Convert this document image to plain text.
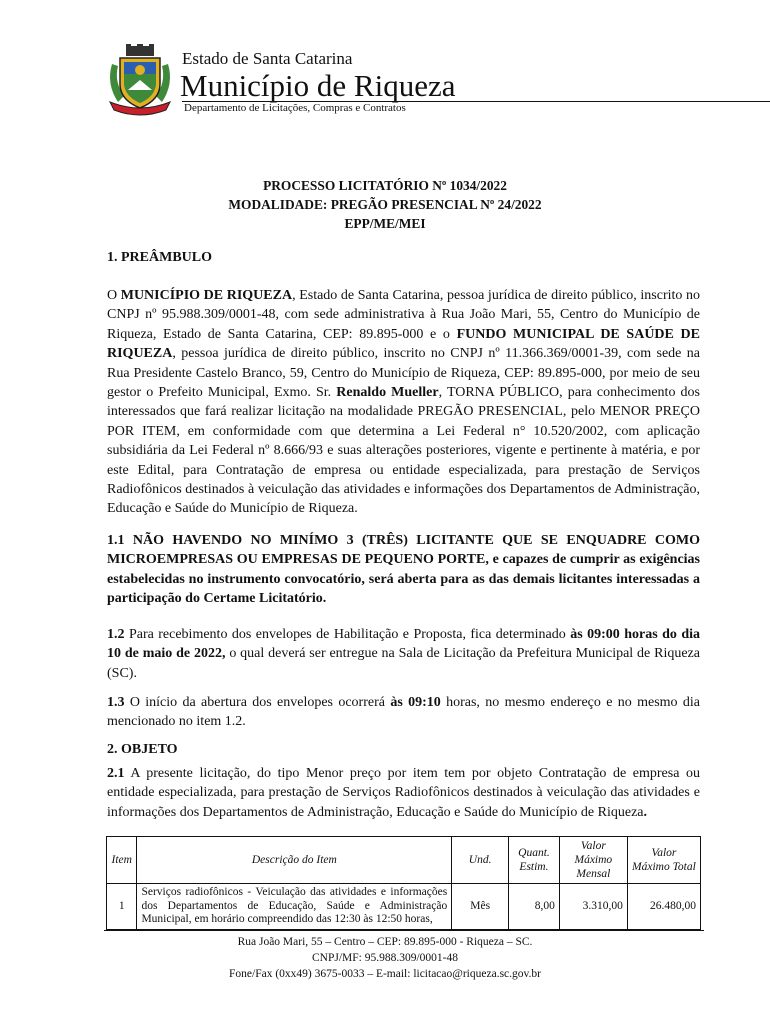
Estado de Santa Catarina
Município de Riqueza
Departamento de Licitações, Compras e Contratos
PROCESSO LICITATÓRIO Nº 1034/2022
MODALIDADE: PREGÃO PRESENCIAL Nº 24/2022
EPP/ME/MEI
1. PREÂMBULO

O MUNICÍPIO DE RIQUEZA, Estado de Santa Catarina, pessoa jurídica de direito público, inscrito no CNPJ nº 95.988.309/0001-48, com sede administrativa à Rua João Mari, 55, Centro do Município de Riqueza, Estado de Santa Catarina, CEP: 89.895-000 e o FUNDO MUNICIPAL DE SAÚDE DE RIQUEZA, pessoa jurídica de direito público, inscrito no CNPJ nº 11.366.369/0001-39, com sede na Rua Presidente Castelo Branco, 59, Centro do Município de Riqueza, CEP: 89.895-000, por meio de seu gestor o Prefeito Municipal, Exmo. Sr. Renaldo Mueller, TORNA PÚBLICO, para conhecimento dos interessados que fará realizar licitação na modalidade PREGÃO PRESENCIAL, pelo MENOR PREÇO POR ITEM, em conformidade com que determina a Lei Federal n° 10.520/2002, com aplicação subsidiária da Lei Federal nº 8.666/93 e suas alterações posteriores, vigente e pertinente à matéria, e por este Edital, para Contratação de empresa ou entidade especializada, para prestação de Serviços Radiofônicos destinados à veiculação das atividades e informações dos Departamentos de Administração, Educação e Saúde do Município de Riqueza.

1.1 NÃO HAVENDO NO MINÍMO 3 (TRÊS) LICITANTE QUE SE ENQUADRE COMO MICROEMPRESAS OU EMPRESAS DE PEQUENO PORTE, e capazes de cumprir as exigências estabelecidas no instrumento convocatório, será aberta para as das demais licitantes interessadas a participação do Certame Licitatório.

1.2 Para recebimento dos envelopes de Habilitação e Proposta, fica determinado às 09:00 horas do dia 10 de maio de 2022, o qual deverá ser entregue na Sala de Licitação da Prefeitura Municipal de Riqueza (SC).

1.3 O início da abertura dos envelopes ocorrerá às 09:10 horas, no mesmo endereço e no mesmo dia mencionado no item 1.2.

2. OBJETO

2.1 A presente licitação, do tipo Menor preço por item tem por objeto Contratação de empresa ou entidade especializada, para prestação de Serviços Radiofônicos destinados à veiculação das atividades e informações dos Departamentos de Administração, Educação e Saúde do Município de Riqueza.

Item	Descrição do Item	Und.	Quant. Estim.	Valor Máximo Mensal	Valor Máximo Total
1	Serviços radiofônicos - Veiculação das atividades e informações dos Departamentos de Educação, Saúde e Administração Municipal, em horário compreendido das 12:30 às 12:50 horas,	Mês	8,00	3.310,00	26.480,00
Rua João Mari, 55 – Centro – CEP: 89.895-000 - Riqueza – SC.
CNPJ/MF: 95.988.309/0001-48
Fone/Fax (0xx49) 3675-0033 – E-mail: licitacao@riqueza.sc.gov.br
